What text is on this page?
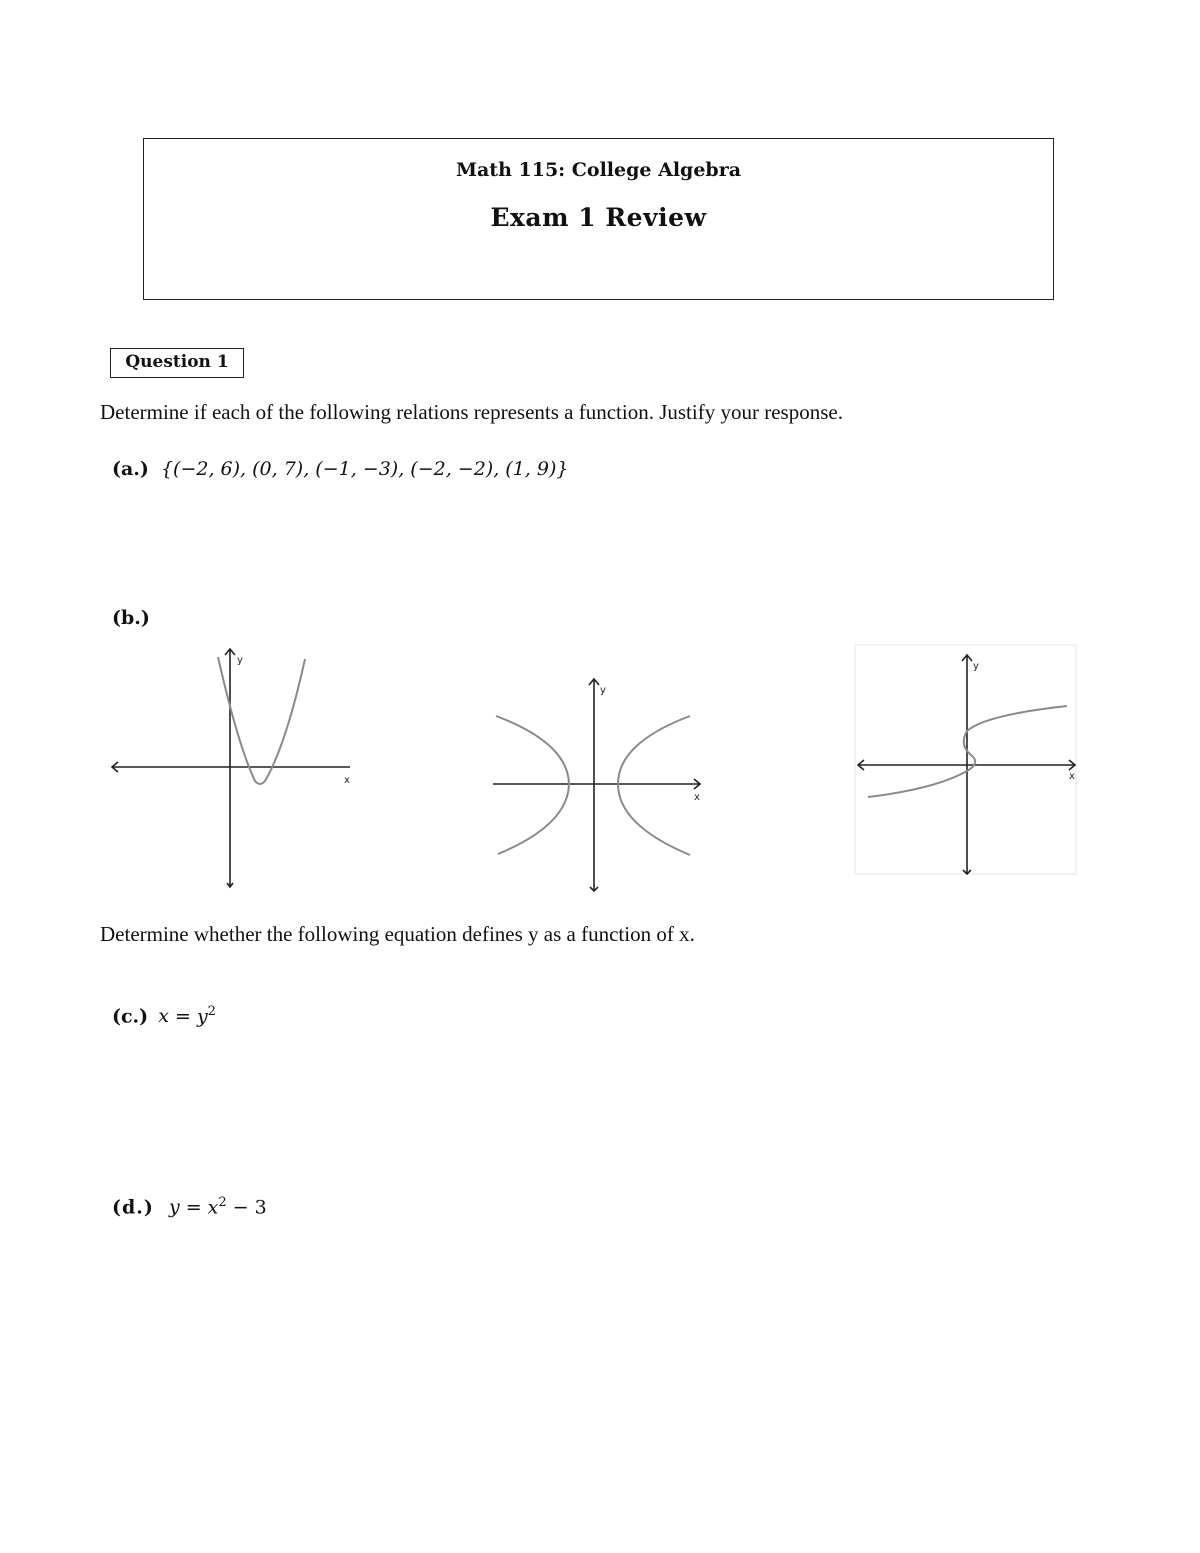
Math 115: College Algebra
Exam 1 Review
Question 1
Determine if each of the following relations represents a function. Justify your response.
(a.) {(−2, 6), (0, 7), (−1, −3), (−2, −2), (1, 9)}
(b.)
x
y
x
y
x
y
Determine whether the following equation defines y as a function of x.
(c.) $x = y^2$
(d.) $y = x^2 - 3$
